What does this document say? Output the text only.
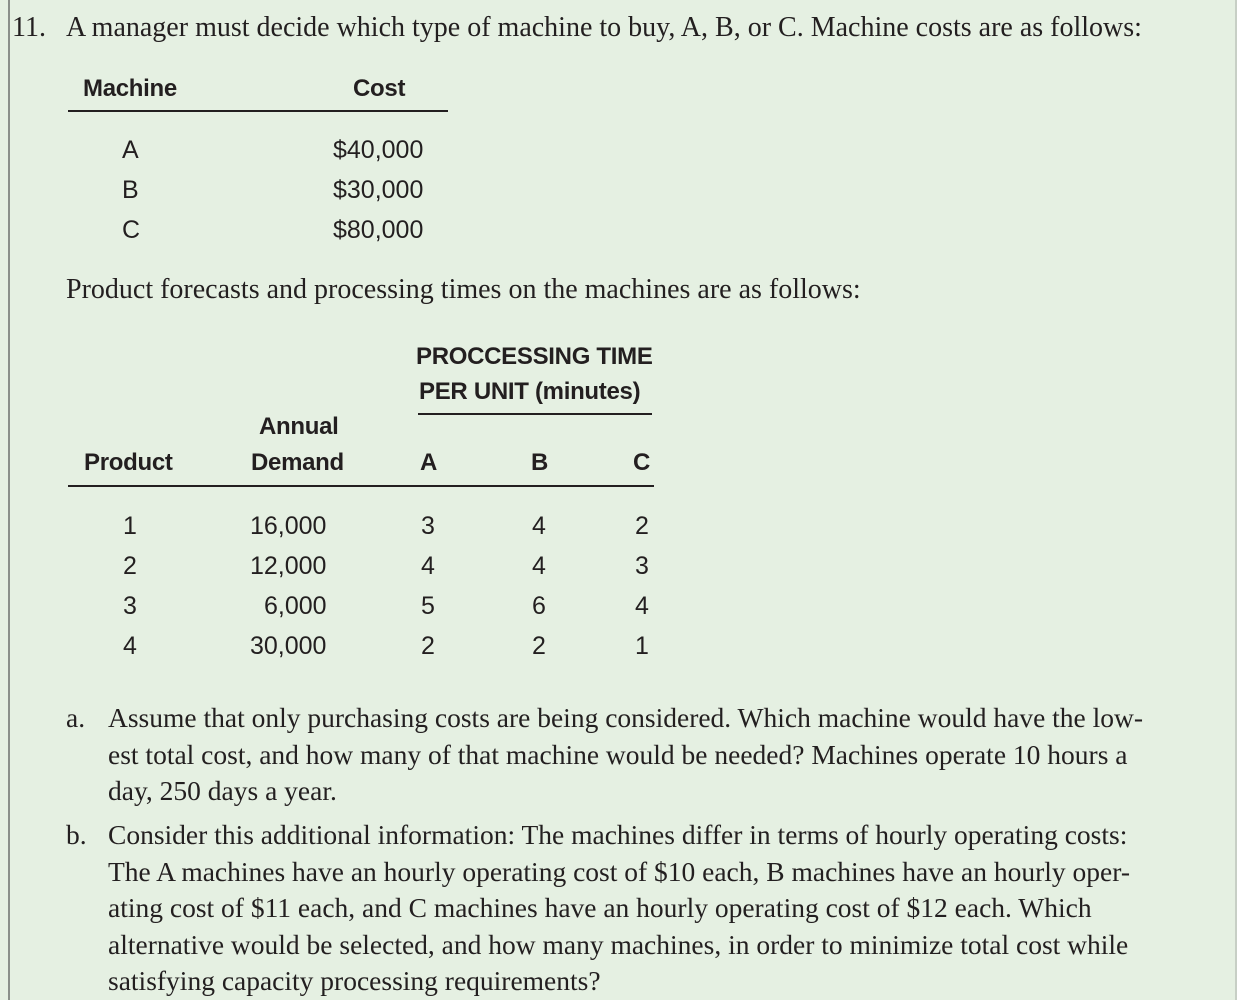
11. A manager must decide which type of machine to buy, A, B, or C. Machine costs are as follows:
Machine	Cost
A	$40,000
B	$30,000
C	$80,000
Product forecasts and processing times on the machines are as follows:
PROCCESSING TIME
PER UNIT (minutes)
Annual
Product	Demand	A	B	C
1	16,000	3	4	2
2	12,000	4	4	3
3	6,000	5	6	4
4	30,000	2	2	1
a. Assume that only purchasing costs are being considered. Which machine would have the low-
est total cost, and how many of that machine would be needed? Machines operate 10 hours a
day, 250 days a year.
b. Consider this additional information: The machines differ in terms of hourly operating costs:
The A machines have an hourly operating cost of $10 each, B machines have an hourly oper-
ating cost of $11 each, and C machines have an hourly operating cost of $12 each. Which
alternative would be selected, and how many machines, in order to minimize total cost while
satisfying capacity processing requirements?
